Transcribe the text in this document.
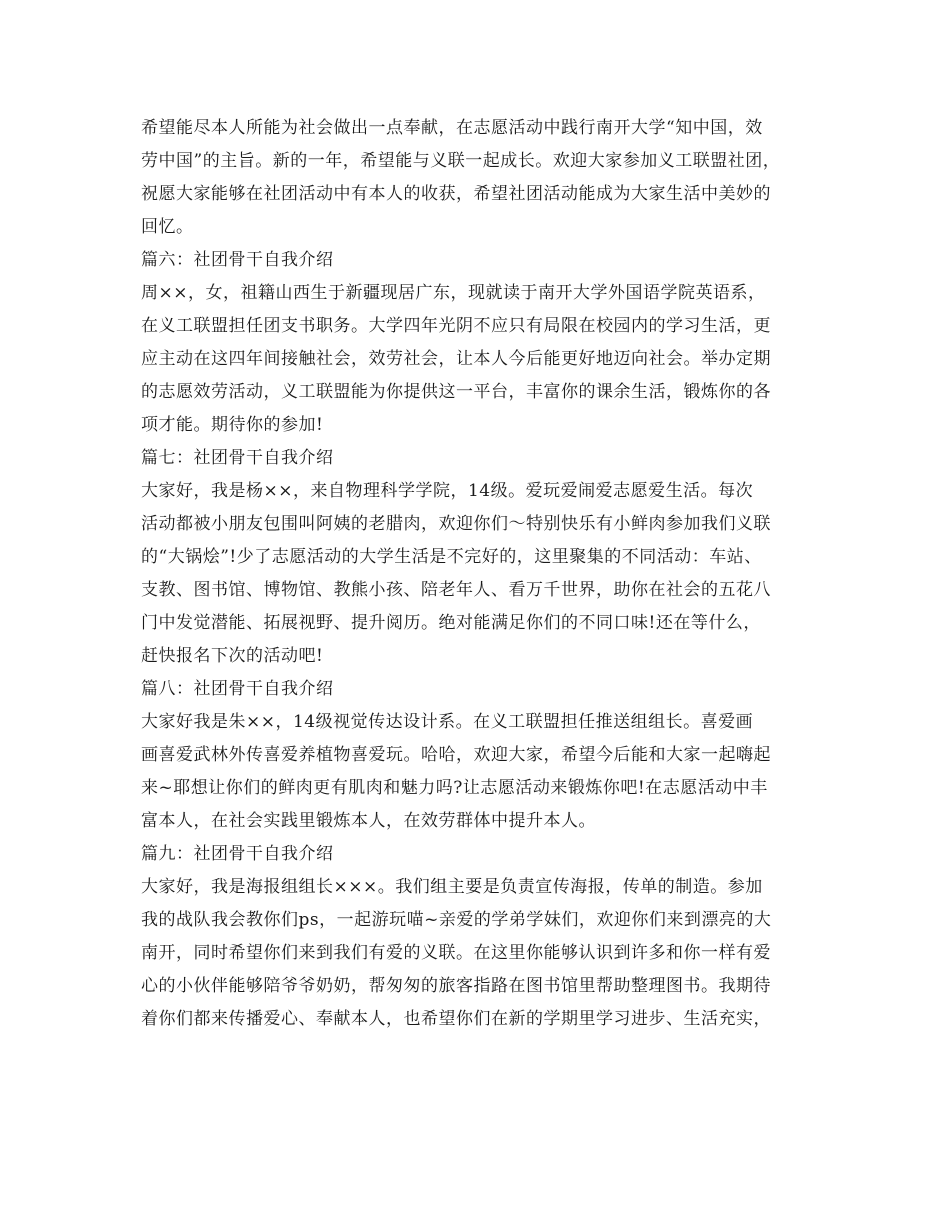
希望能尽本人所能为社会做出一点奉献，在志愿活动中践行南开大学“知中国，效
劳中国”的主旨。新的一年，希望能与义联一起成长。欢迎大家参加义工联盟社团，
祝愿大家能够在社团活动中有本人的收获，希望社团活动能成为大家生活中美妙的
回忆。
篇六：社团骨干自我介绍
周××，女，祖籍山西生于新疆现居广东，现就读于南开大学外国语学院英语系，
在义工联盟担任团支书职务。大学四年光阴不应只有局限在校园内的学习生活，更
应主动在这四年间接触社会，效劳社会，让本人今后能更好地迈向社会。举办定期
的志愿效劳活动，义工联盟能为你提供这一平台，丰富你的课余生活，锻炼你的各
项才能。期待你的参加!
篇七：社团骨干自我介绍
大家好，我是杨××，来自物理科学学院，14级。爱玩爱闹爱志愿爱生活。每次
活动都被小朋友包围叫阿姨的老腊肉，欢迎你们～特别快乐有小鲜肉参加我们义联
的“大锅烩”!少了志愿活动的大学生活是不完好的，这里聚集的不同活动：车站、
支教、图书馆、博物馆、教熊小孩、陪老年人、看万千世界，助你在社会的五花八
门中发觉潜能、拓展视野、提升阅历。绝对能满足你们的不同口味!还在等什么，
赶快报名下次的活动吧!
篇八：社团骨干自我介绍
大家好我是朱××，14级视觉传达设计系。在义工联盟担任推送组组长。喜爱画
画喜爱武林外传喜爱养植物喜爱玩。哈哈，欢迎大家，希望今后能和大家一起嗨起
来~耶想让你们的鲜肉更有肌肉和魅力吗?让志愿活动来锻炼你吧!在志愿活动中丰
富本人，在社会实践里锻炼本人，在效劳群体中提升本人。
篇九：社团骨干自我介绍
大家好，我是海报组组长×××。我们组主要是负责宣传海报，传单的制造。参加
我的战队我会教你们ps，一起游玩喵~亲爱的学弟学妹们，欢迎你们来到漂亮的大
南开，同时希望你们来到我们有爱的义联。在这里你能够认识到许多和你一样有爱
心的小伙伴能够陪爷爷奶奶，帮匆匆的旅客指路在图书馆里帮助整理图书。我期待
着你们都来传播爱心、奉献本人，也希望你们在新的学期里学习进步、生活充实，
